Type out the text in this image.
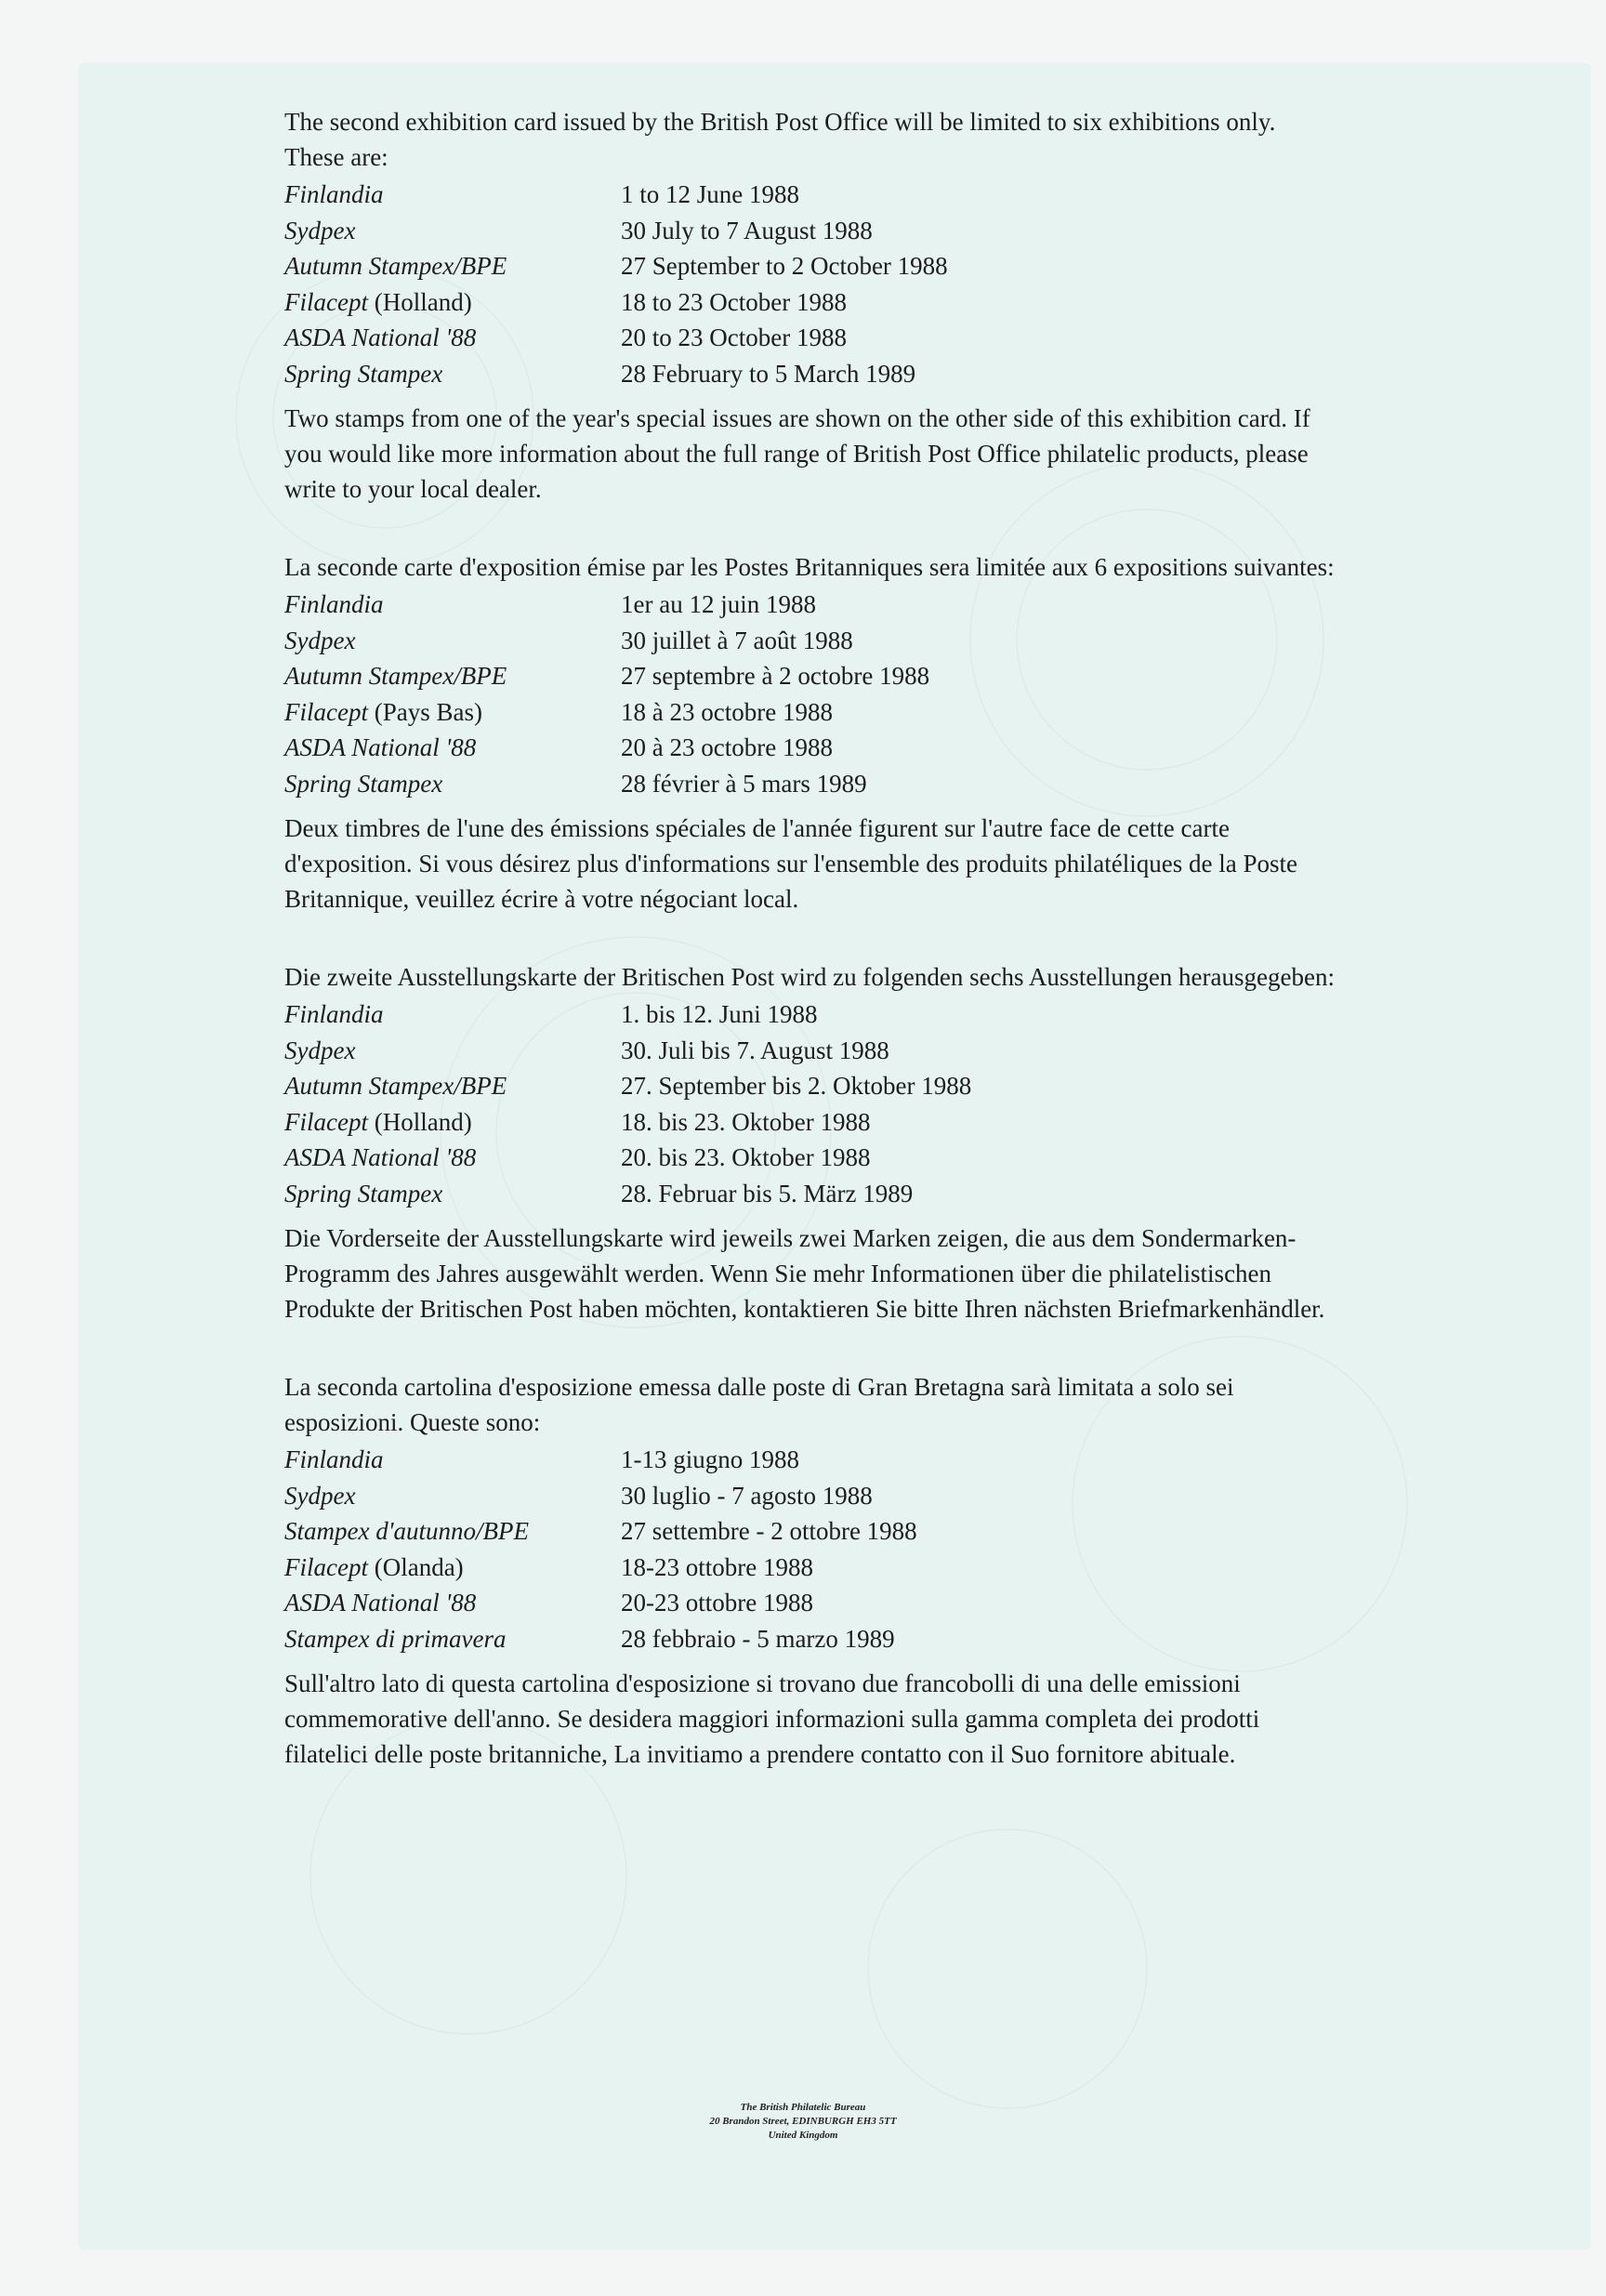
The second exhibition card issued by the British Post Office will be limited to six exhibitions only. These are:

Finlandia	1 to 12 June 1988
Sydpex	30 July to 7 August 1988
Autumn Stampex/BPE	27 September to 2 October 1988
Filacept (Holland)	18 to 23 October 1988
ASDA National '88	20 to 23 October 1988
Spring Stampex	28 February to 5 March 1989

Two stamps from one of the year's special issues are shown on the other side of this exhibition card. If you would like more information about the full range of British Post Office philatelic products, please write to your local dealer.

La seconde carte d'exposition émise par les Postes Britanniques sera limitée aux 6 expositions suivantes:

Finlandia	1er au 12 juin 1988
Sydpex	30 juillet à 7 août 1988
Autumn Stampex/BPE	27 septembre à 2 octobre 1988
Filacept (Pays Bas)	18 à 23 octobre 1988
ASDA National '88	20 à 23 octobre 1988
Spring Stampex	28 février à 5 mars 1989

Deux timbres de l'une des émissions spéciales de l'année figurent sur l'autre face de cette carte d'exposition. Si vous désirez plus d'informations sur l'ensemble des produits philatéliques de la Poste Britannique, veuillez écrire à votre négociant local.

Die zweite Ausstellungskarte der Britischen Post wird zu folgenden sechs Ausstellungen herausgegeben:

Finlandia	1. bis 12. Juni 1988
Sydpex	30. Juli bis 7. August 1988
Autumn Stampex/BPE	27. September bis 2. Oktober 1988
Filacept (Holland)	18. bis 23. Oktober 1988
ASDA National '88	20. bis 23. Oktober 1988
Spring Stampex	28. Februar bis 5. März 1989

Die Vorderseite der Ausstellungskarte wird jeweils zwei Marken zeigen, die aus dem Sondermarken-Programm des Jahres ausgewählt werden. Wenn Sie mehr Informationen über die philatelistischen Produkte der Britischen Post haben möchten, kontaktieren Sie bitte Ihren nächsten Briefmarkenhändler.

La seconda cartolina d'esposizione emessa dalle poste di Gran Bretagna sarà limitata a solo sei esposizioni. Queste sono:

Finlandia	1-13 giugno 1988
Sydpex	30 luglio - 7 agosto 1988
Stampex d'autunno/BPE	27 settembre - 2 ottobre 1988
Filacept (Olanda)	18-23 ottobre 1988
ASDA National '88	20-23 ottobre 1988
Stampex di primavera	28 febbraio - 5 marzo 1989

Sull'altro lato di questa cartolina d'esposizione si trovano due francobolli di una delle emissioni commemorative dell'anno. Se desidera maggiori informazioni sulla gamma completa dei prodotti filatelici delle poste britanniche, La invitiamo a prendere contatto con il Suo fornitore abituale.

The British Philatelic Bureau
20 Brandon Street, EDINBURGH EH3 5TT
United Kingdom
